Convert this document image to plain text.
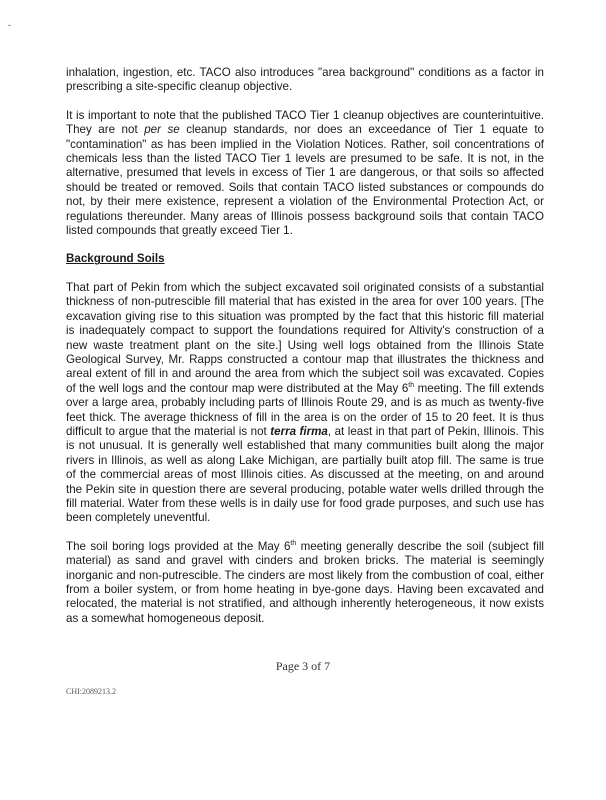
-

inhalation, ingestion, etc. TACO also introduces "area background" conditions as a factor in prescribing a site-specific cleanup objective.

It is important to note that the published TACO Tier 1 cleanup objectives are counterintuitive. They are not per se cleanup standards, nor does an exceedance of Tier 1 equate to "contamination" as has been implied in the Violation Notices. Rather, soil concentrations of chemicals less than the listed TACO Tier 1 levels are presumed to be safe. It is not, in the alternative, presumed that levels in excess of Tier 1 are dangerous, or that soils so affected should be treated or removed. Soils that contain TACO listed substances or compounds do not, by their mere existence, represent a violation of the Environmental Protection Act, or regulations thereunder. Many areas of Illinois possess background soils that contain TACO listed compounds that greatly exceed Tier 1.

Background Soils

That part of Pekin from which the subject excavated soil originated consists of a substantial thickness of non-putrescible fill material that has existed in the area for over 100 years. [The excavation giving rise to this situation was prompted by the fact that this historic fill material is inadequately compact to support the foundations required for Altivity's construction of a new waste treatment plant on the site.] Using well logs obtained from the Illinois State Geological Survey, Mr. Rapps constructed a contour map that illustrates the thickness and areal extent of fill in and around the area from which the subject soil was excavated. Copies of the well logs and the contour map were distributed at the May 6th meeting. The fill extends over a large area, probably including parts of Illinois Route 29, and is as much as twenty-five feet thick. The average thickness of fill in the area is on the order of 15 to 20 feet. It is thus difficult to argue that the material is not terra firma, at least in that part of Pekin, Illinois. This is not unusual. It is generally well established that many communities built along the major rivers in Illinois, as well as along Lake Michigan, are partially built atop fill. The same is true of the commercial areas of most Illinois cities. As discussed at the meeting, on and around the Pekin site in question there are several producing, potable water wells drilled through the fill material. Water from these wells is in daily use for food grade purposes, and such use has been completely uneventful.

The soil boring logs provided at the May 6th meeting generally describe the soil (subject fill material) as sand and gravel with cinders and broken bricks. The material is seemingly inorganic and non-putrescible. The cinders are most likely from the combustion of coal, either from a boiler system, or from home heating in bye-gone days. Having been excavated and relocated, the material is not stratified, and although inherently heterogeneous, it now exists as a somewhat homogeneous deposit.

Page 3 of 7
CHI:2089213.2
